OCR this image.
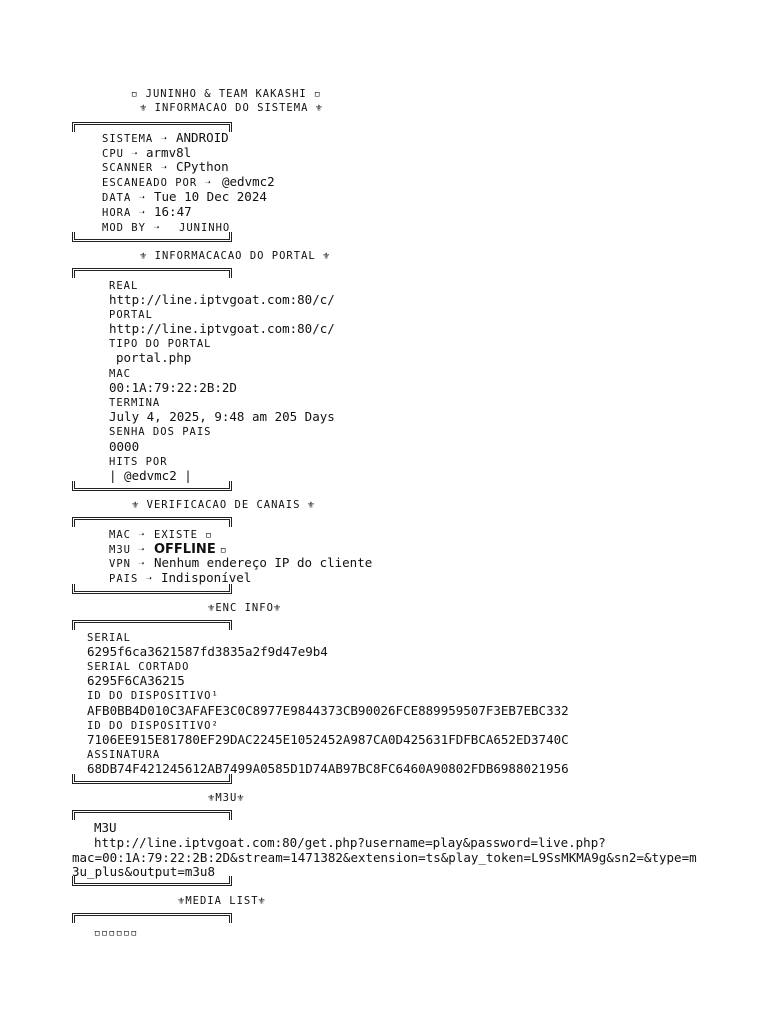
◽ JUNINHO & TEAM KAKASHI ◽
⚜ INFORMACAO DO SISTEMA ⚜
SISTEMA ➝ ANDROID
CPU ➝ armv8l
SCANNER ➝ CPython
ESCANEADO POR ➝ @edvmc2
DATA ➝ Tue 10 Dec 2024
HORA ➝ 16:47
MOD BY ➝ JUNINHO
⚜ INFORMACACAO DO PORTAL ⚜
REAL
http://line.iptvgoat.com:80/c/
PORTAL
http://line.iptvgoat.com:80/c/
TIPO DO PORTAL
portal.php
MAC
00:1A:79:22:2B:2D
TERMINA
July 4, 2025, 9:48 am 205 Days
SENHA DOS PAIS
0000
HITS POR
| @edvmc2 |
⚜ VERIFICACAO DE CANAIS ⚜
MAC ➝ EXISTE ◽
M3U ➝ OFFLINE ◽
VPN ➝ Nenhum endereço IP do cliente
PAIS ➝ Indisponível
⚜ENC INFO⚜
SERIAL
6295f6ca3621587fd3835a2f9d47e9b4
SERIAL CORTADO
6295F6CA36215
ID DO DISPOSITIVO¹
AFB0BB4D010C3AFAFE3C0C8977E9844373CB90026FCE889959507F3EB7EBC332
ID DO DISPOSITIVO²
7106EE915E81780EF29DAC2245E1052452A987CA0D425631FDFBCA652ED3740C
ASSINATURA
68DB74F421245612AB7499A0585D1D74AB97BC8FC6460A90802FDB6988021956
⚜M3U⚜
M3U
http://line.iptvgoat.com:80/get.php?username=play&password=live.php?
mac=00:1A:79:22:2B:2D&stream=1471382&extension=ts&play_token=L9SsMKMA9g&sn2=&type=m
3u_plus&output=m3u8
⚜MEDIA LIST⚜
◽◽◽◽◽◽
